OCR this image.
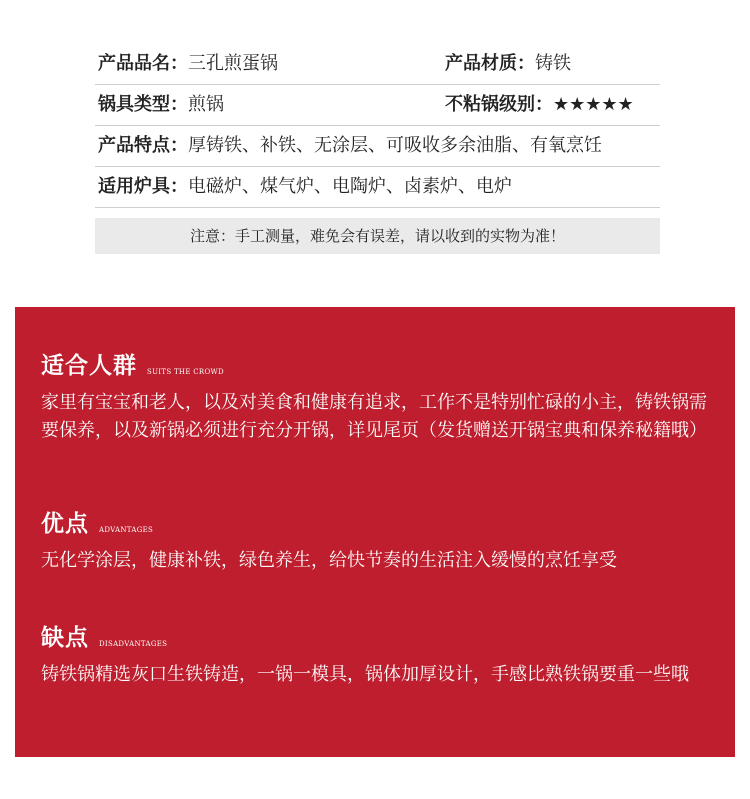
产品品名：三孔煎蛋锅	产品材质：铸铁
锅具类型：煎锅	不粘锅级别：★★★★★
产品特点：厚铸铁、补铁、无涂层、可吸收多余油脂、有氧烹饪
适用炉具：电磁炉、煤气炉、电陶炉、卤素炉、电炉
注意：手工测量，难免会有误差，请以收到的实物为准！
适合人群 SUITS THE CROWD
家里有宝宝和老人，以及对美食和健康有追求，工作不是特别忙碌的小主，铸铁锅需要保养，以及新锅必须进行充分开锅，详见尾页（发货赠送开锅宝典和保养秘籍哦）
优点 ADVANTAGES
无化学涂层，健康补铁，绿色养生，给快节奏的生活注入缓慢的烹饪享受
缺点 DISADVANTAGES
铸铁锅精选灰口生铁铸造，一锅一模具，锅体加厚设计，手感比熟铁锅要重一些哦
